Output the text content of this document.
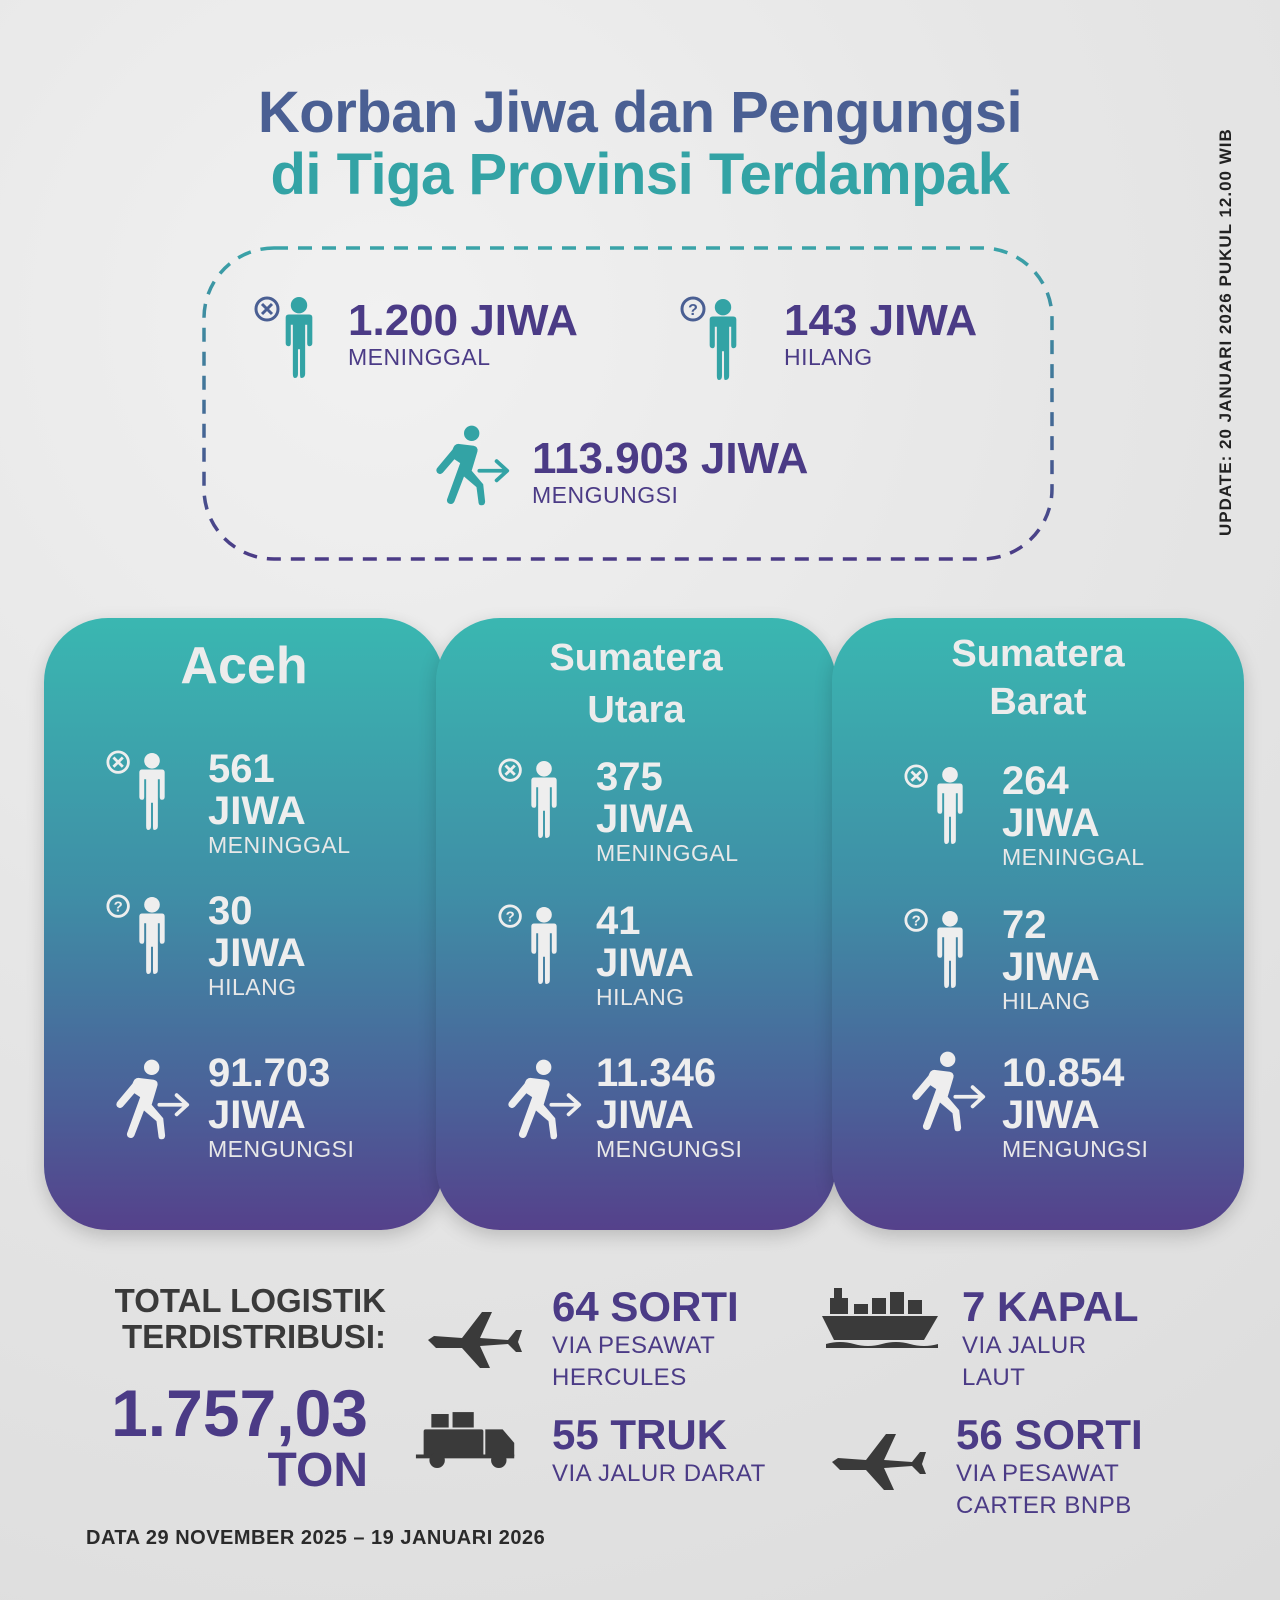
Korban Jiwa dan Pengungsi
di Tiga Provinsi Terdampak	UPDATE: 20 JANUARI 2026 PUKUL 12.00 WIB
1.200 JIWA
MENINGGAL
? 143 JIWA
HILANG
113.903 JIWA
MENGUNGSI
Aceh
561
JIWA
MENINGGAL
? 30
JIWA
HILANG
91.703
JIWA
MENGUNGSI
Sumatera
Utara
375
JIWA
MENINGGAL
? 41
JIWA
HILANG
11.346
JIWA
MENGUNGSI
Sumatera
Barat
264
JIWA
MENINGGAL
? 72
JIWA
HILANG
10.854
JIWA
MENGUNGSI
TOTAL LOGISTIK
TERDISTRIBUSI:
1.757,03
TON
64 SORTI
VIA PESAWAT
HERCULES
7 KAPAL
VIA JALUR
LAUT
55 TRUK
VIA JALUR DARAT
56 SORTI
VIA PESAWAT
CARTER BNPB
DATA 29 NOVEMBER 2025 – 19 JANUARI 2026
